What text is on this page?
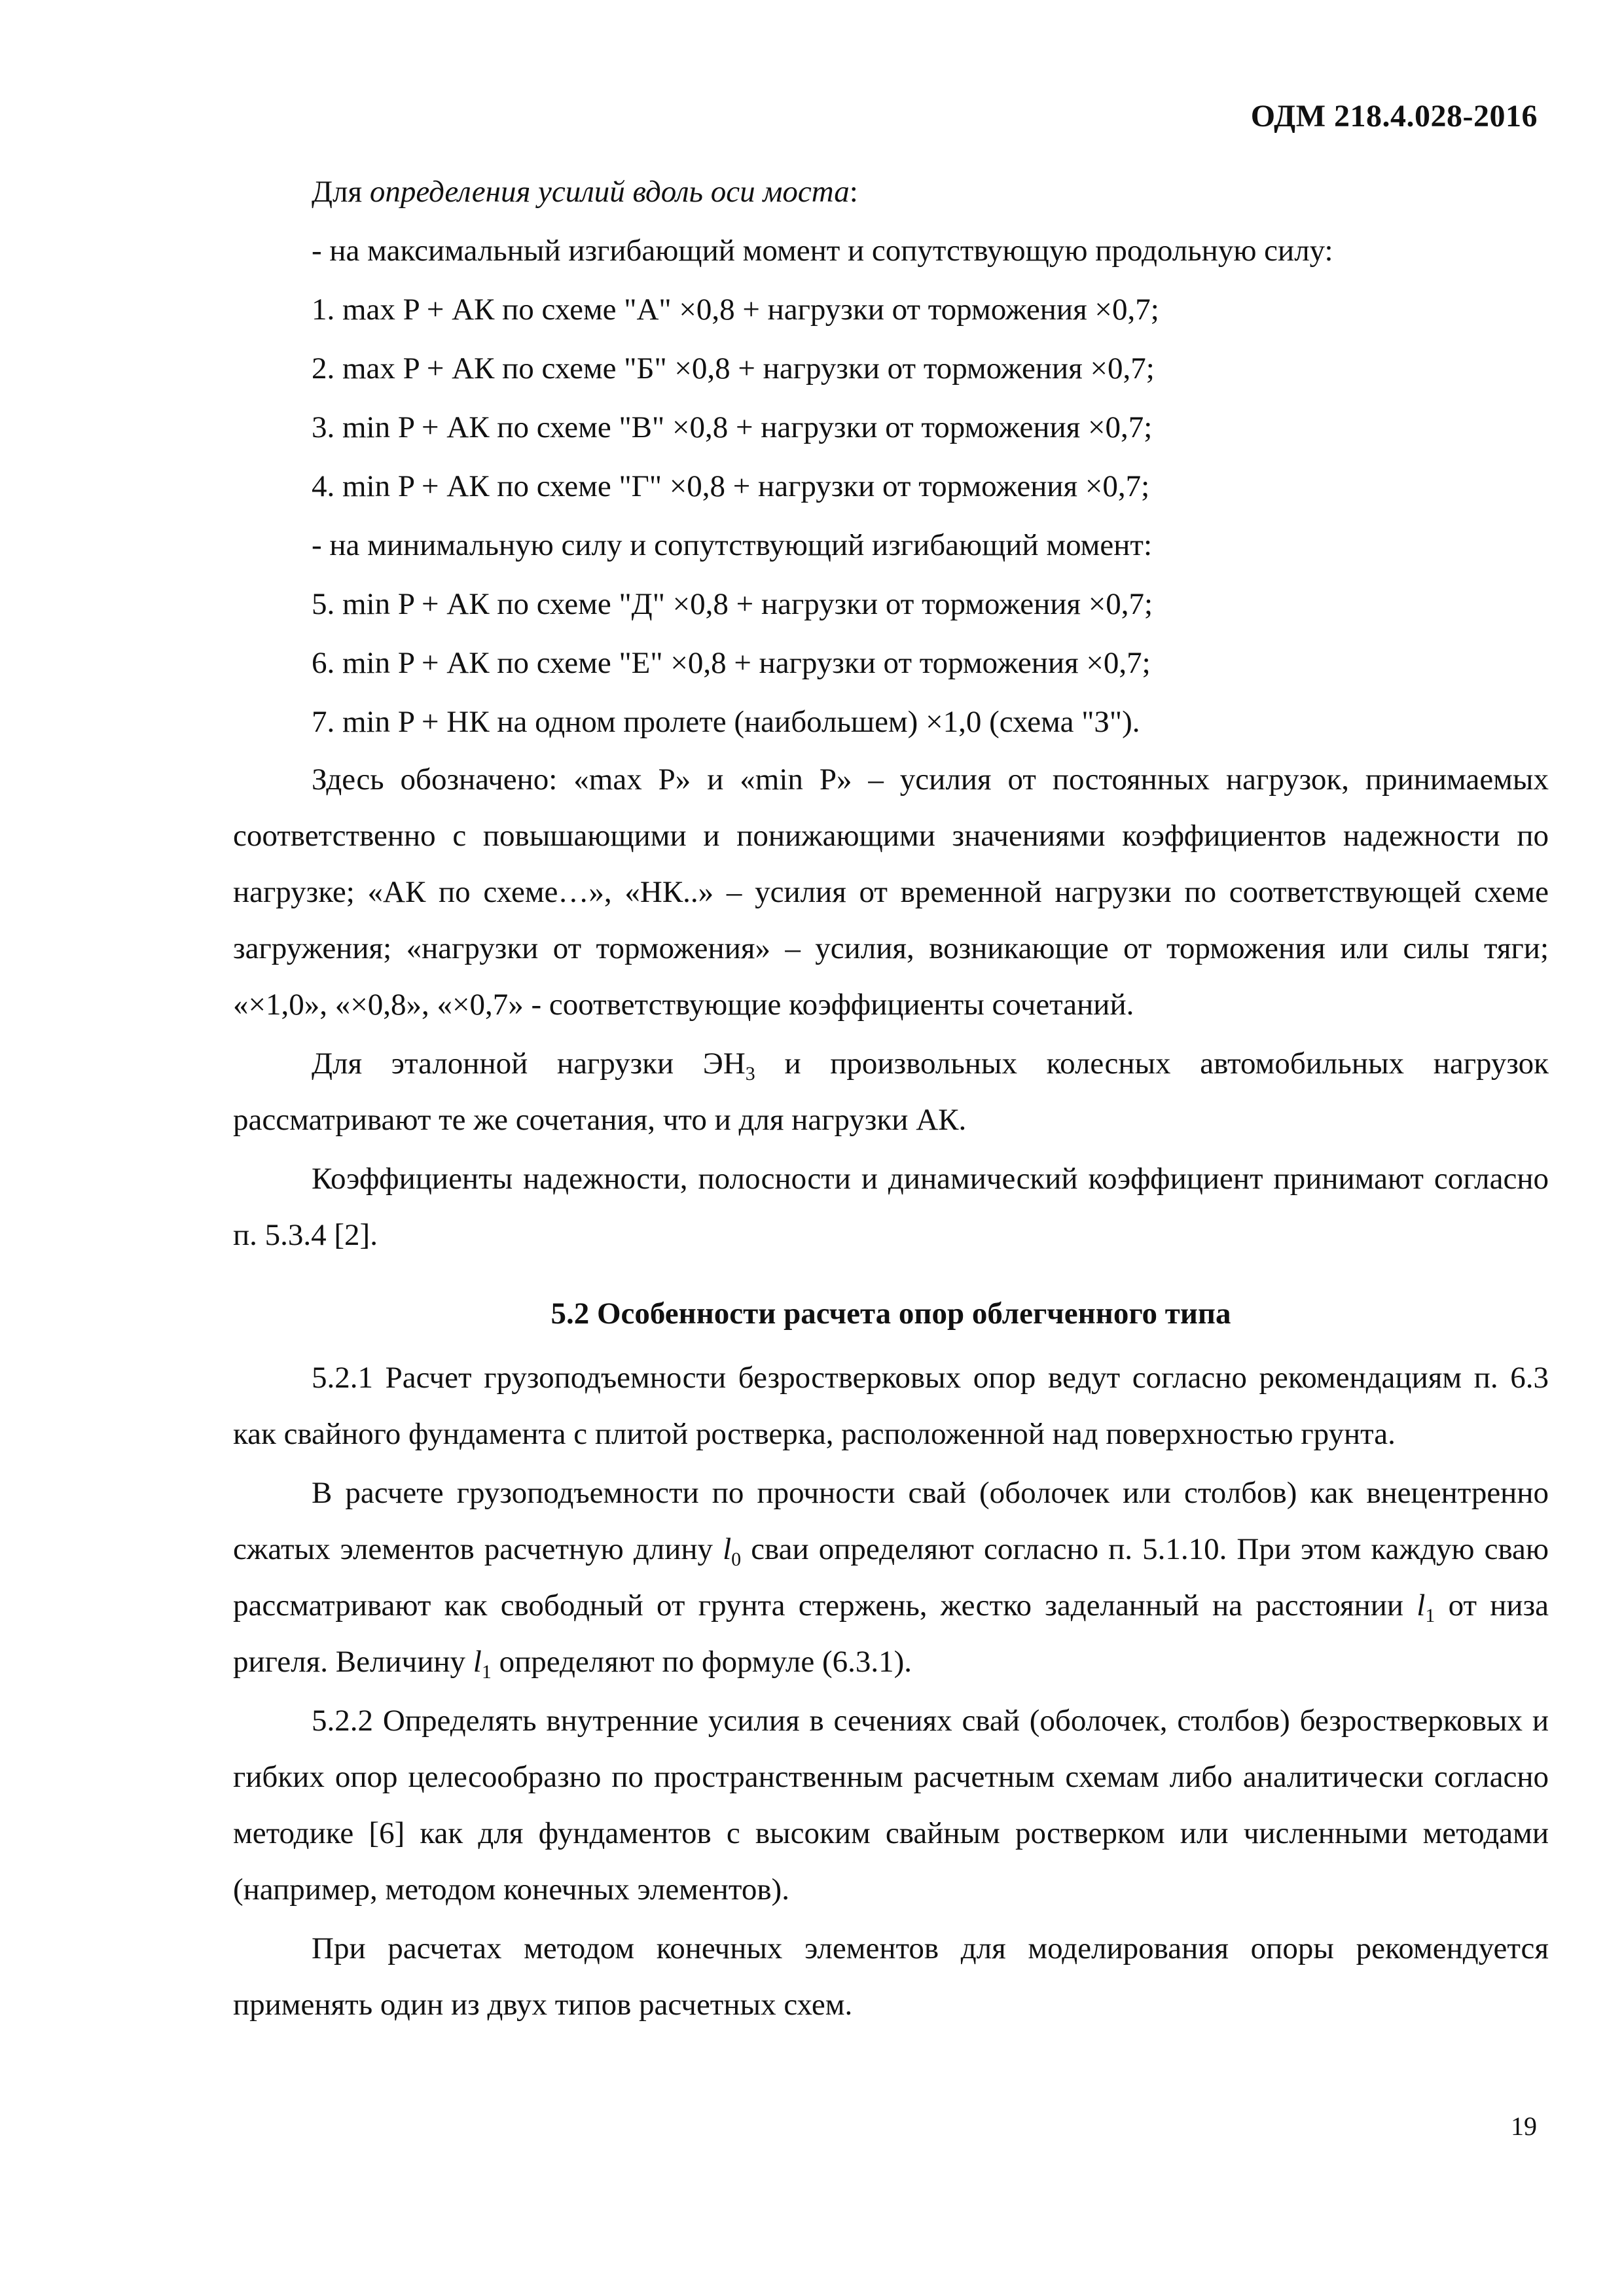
ОДМ 218.4.028-2016

Для определения усилий вдоль оси моста:

- на максимальный изгибающий момент и сопутствующую продольную силу:

1. max P + АК по схеме "А" ×0,8 + нагрузки от торможения ×0,7;

2. max P + АК по схеме "Б" ×0,8 + нагрузки от торможения ×0,7;

3. min P + АК по схеме "В" ×0,8 + нагрузки от торможения ×0,7;

4. min P + АК по схеме "Г" ×0,8 + нагрузки от торможения ×0,7;

- на минимальную силу и сопутствующий изгибающий момент:

5. min P + АК по схеме "Д" ×0,8 + нагрузки от торможения ×0,7;

6. min P + АК по схеме "Е" ×0,8 + нагрузки от торможения ×0,7;

7. min P + НК на одном пролете (наибольшем) ×1,0 (схема "З").

Здесь обозначено: «max P» и «min P» – усилия от постоянных нагрузок, принимаемых соответственно с повышающими и понижающими значениями коэффициентов надежности по нагрузке; «АК по схеме…», «НК..» – усилия от временной нагрузки по соответствующей схеме загружения; «нагрузки от торможения» – усилия, возникающие от торможения или силы тяги; «×1,0», «×0,8», «×0,7» - соответствующие коэффициенты сочетаний.

Для эталонной нагрузки $ЭН_3$ и произвольных колесных автомобильных нагрузок рассматривают те же сочетания, что и для нагрузки АК.

Коэффициенты надежности, полосности и динамический коэффициент принимают согласно п. 5.3.4 [2].

5.2 Особенности расчета опор облегченного типа

5.2.1 Расчет грузоподъемности безростверковых опор ведут согласно рекомендациям п. 6.3 как свайного фундамента с плитой ростверка, расположенной над поверхностью грунта.

В расчете грузоподъемности по прочности свай (оболочек или столбов) как внецентренно сжатых элементов расчетную длину $l_0$ сваи определяют согласно п. 5.1.10. При этом каждую сваю рассматривают как свободный от грунта стержень, жестко заделанный на расстоянии $l_1$ от низа ригеля. Величину $l_1$ определяют по формуле (6.3.1).

5.2.2 Определять внутренние усилия в сечениях свай (оболочек, столбов) безростверковых и гибких опор целесообразно по пространственным расчетным схемам либо аналитически согласно методике [6] как для фундаментов с высоким свайным ростверком или численными методами (например, методом конечных элементов).

При расчетах методом конечных элементов для моделирования опоры рекомендуется применять один из двух типов расчетных схем.

19
